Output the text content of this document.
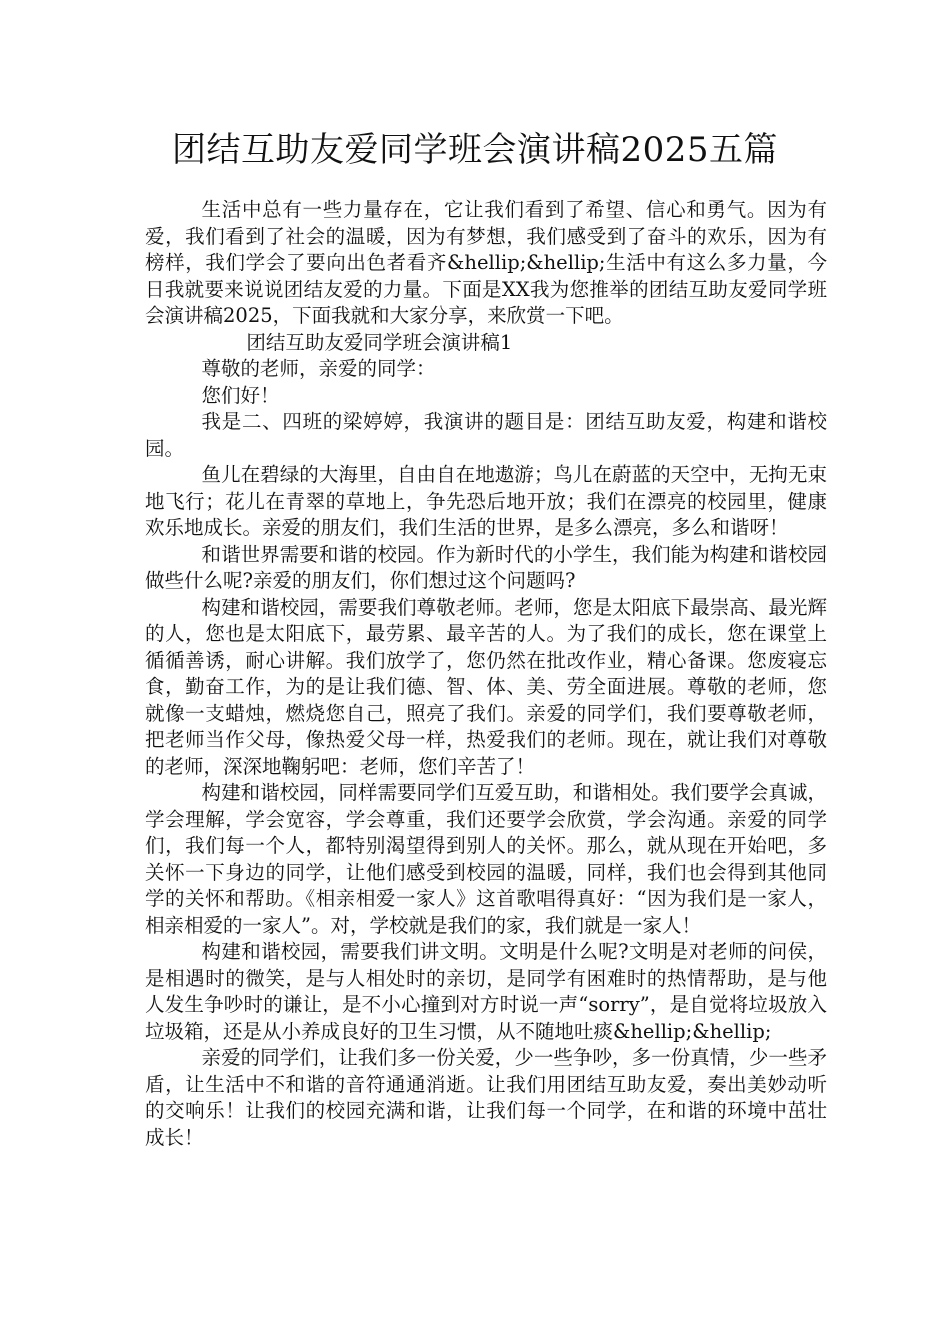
团结互助友爱同学班会演讲稿2025五篇

生活中总有一些力量存在，它让我们看到了希望、信心和勇气。因为有爱，我们看到了社会的温暖，因为有梦想，我们感受到了奋斗的欢乐，因为有榜样，我们学会了要向出色者看齐&hellip;&hellip;生活中有这么多力量，今日我就要来说说团结友爱的力量。下面是XX我为您推举的团结互助友爱同学班会演讲稿2025，下面我就和大家分享，来欣赏一下吧。

团结互助友爱同学班会演讲稿1

尊敬的老师，亲爱的同学：

您们好！

我是二、四班的梁婷婷，我演讲的题目是：团结互助友爱，构建和谐校园。

鱼儿在碧绿的大海里，自由自在地遨游；鸟儿在蔚蓝的天空中，无拘无束地飞行；花儿在青翠的草地上，争先恐后地开放；我们在漂亮的校园里，健康欢乐地成长。亲爱的朋友们，我们生活的世界，是多么漂亮，多么和谐呀！

和谐世界需要和谐的校园。作为新时代的小学生，我们能为构建和谐校园做些什么呢?亲爱的朋友们，你们想过这个问题吗?

构建和谐校园，需要我们尊敬老师。老师，您是太阳底下最崇高、最光辉的人，您也是太阳底下，最劳累、最辛苦的人。为了我们的成长，您在课堂上循循善诱，耐心讲解。我们放学了，您仍然在批改作业，精心备课。您废寝忘食，勤奋工作，为的是让我们德、智、体、美、劳全面进展。尊敬的老师，您就像一支蜡烛，燃烧您自己，照亮了我们。亲爱的同学们，我们要尊敬老师，把老师当作父母，像热爱父母一样，热爱我们的老师。现在，就让我们对尊敬的老师，深深地鞠躬吧：老师，您们辛苦了！

构建和谐校园，同样需要同学们互爱互助，和谐相处。我们要学会真诚，学会理解，学会宽容，学会尊重，我们还要学会欣赏，学会沟通。亲爱的同学们，我们每一个人，都特别渴望得到别人的关怀。那么，就从现在开始吧，多关怀一下身边的同学，让他们感受到校园的温暖，同样，我们也会得到其他同学的关怀和帮助。《相亲相爱一家人》这首歌唱得真好：“因为我们是一家人，相亲相爱的一家人”。对，学校就是我们的家，我们就是一家人！

构建和谐校园，需要我们讲文明。文明是什么呢?文明是对老师的问侯，是相遇时的微笑，是与人相处时的亲切，是同学有困难时的热情帮助，是与他人发生争吵时的谦让，是不小心撞到对方时说一声“sorry”，是自觉将垃圾放入垃圾箱，还是从小养成良好的卫生习惯，从不随地吐痰&hellip;&hellip;

亲爱的同学们，让我们多一份关爱，少一些争吵，多一份真情，少一些矛盾，让生活中不和谐的音符通通消逝。让我们用团结互助友爱，奏出美妙动听的交响乐！让我们的校园充满和谐，让我们每一个同学，在和谐的环境中茁壮成长！
